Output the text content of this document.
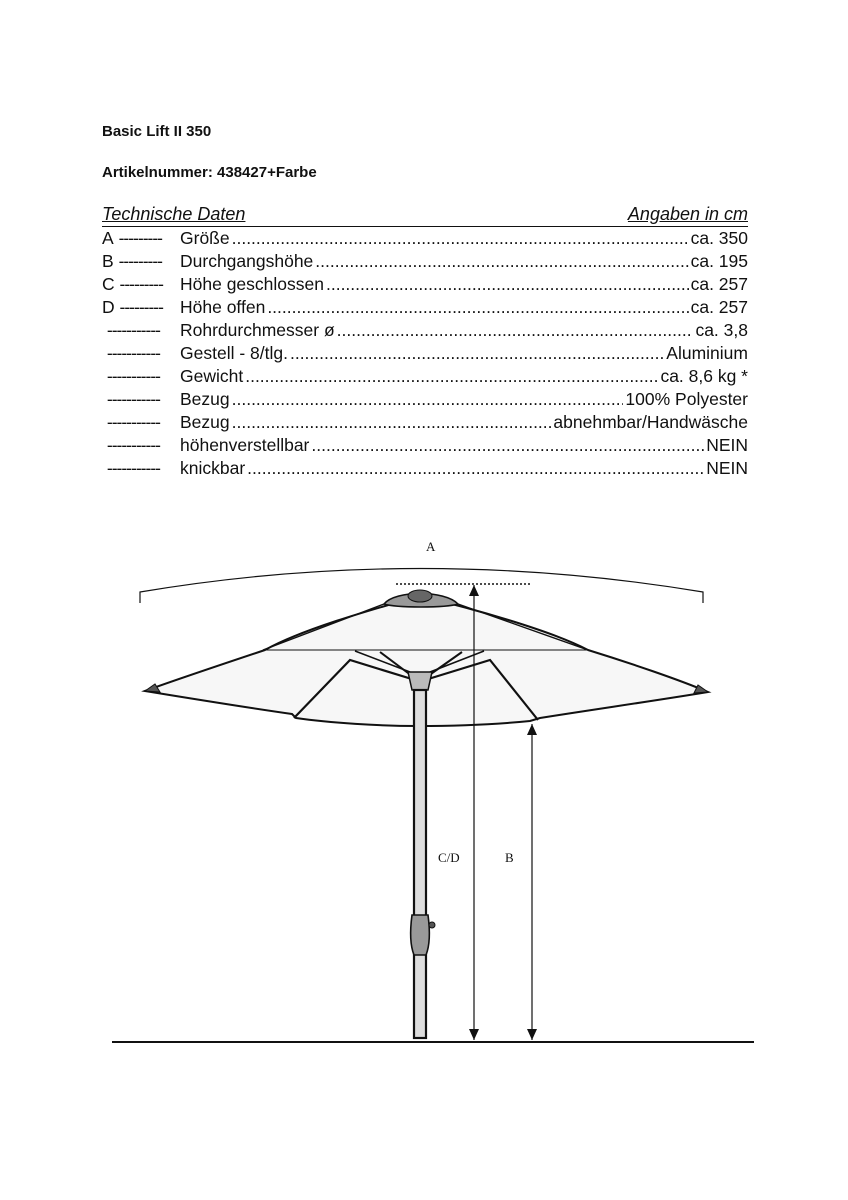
Basic Lift II 350
Artikelnummer: 438427+Farbe
Technische Daten	Angaben in cm
A ---------	Größe .....	ca. 350
B ---------	Durchgangshöhe .....	ca. 195
C --------- Höhe geschlossen .....	ca. 257
D --------- Höhe offen .....	ca. 257
-----------	Rohrdurchmesser ø .....	ca. 3,8
-----------	Gestell - 8/tlg. .....	Aluminium
-----------	Gewicht .....	ca. 8,6 kg *
-----------	Bezug .....	100% Polyester
-----------	Bezug .....	abnehmbar/Handwäsche
-----------	höhenverstellbar .....	NEIN
-----------	knickbar .....	NEIN
A
C/D	B
